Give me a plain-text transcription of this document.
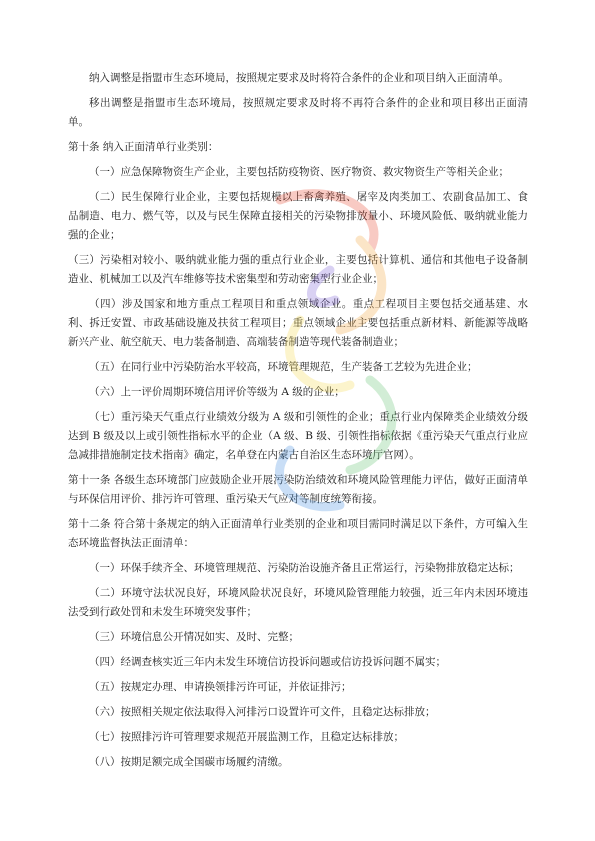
纳入调整是指盟市生态环境局，按照规定要求及时将符合条件的企业和项目纳入正面清单。

移出调整是指盟市生态环境局，按照规定要求及时将不再符合条件的企业和项目移出正面清单。

第十条 纳入正面清单行业类别：

（一）应急保障物资生产企业，主要包括防疫物资、医疗物资、救灾物资生产等相关企业；

（二）民生保障行业企业，主要包括规模以上畜禽养殖、屠宰及肉类加工、农副食品加工、食品制造、电力、燃气等，以及与民生保障直接相关的污染物排放量小、环境风险低、吸纳就业能力强的企业；

（三）污染相对较小、吸纳就业能力强的重点行业企业，主要包括计算机、通信和其他电子设备制造业、机械加工以及汽车维修等技术密集型和劳动密集型行业企业；

（四）涉及国家和地方重点工程项目和重点领域企业。重点工程项目主要包括交通基建、水利、拆迁安置、市政基础设施及扶贫工程项目；重点领域企业主要包括重点新材料、新能源等战略新兴产业、航空航天、电力装备制造、高端装备制造等现代装备制造业；

（五）在同行业中污染防治水平较高，环境管理规范，生产装备工艺较为先进企业；

（六）上一评价周期环境信用评价等级为 A 级的企业；

（七）重污染天气重点行业绩效分级为 A 级和引领性的企业；重点行业内保障类企业绩效分级达到 B 级及以上或引领性指标水平的企业（A 级、B 级、引领性指标依据《重污染天气重点行业应急减排措施制定技术指南》确定，名单登在内蒙古自治区生态环境厅官网）。

第十一条 各级生态环境部门应鼓励企业开展污染防治绩效和环境风险管理能力评估，做好正面清单与环保信用评价、排污许可管理、重污染天气应对等制度统筹衔接。

第十二条 符合第十条规定的纳入正面清单行业类别的企业和项目需同时满足以下条件，方可编入生态环境监督执法正面清单：

（一）环保手续齐全、环境管理规范、污染防治设施齐备且正常运行，污染物排放稳定达标；

（二）环境守法状况良好，环境风险状况良好，环境风险管理能力较强，近三年内未因环境违法受到行政处罚和未发生环境突发事件；

（三）环境信息公开情况如实、及时、完整；

（四）经调查核实近三年内未发生环境信访投诉问题或信访投诉问题不属实；

（五）按规定办理、申请换领排污许可证，并依证排污；

（六）按照相关规定依法取得入河排污口设置许可文件，且稳定达标排放；

（七）按照排污许可管理要求规范开展监测工作，且稳定达标排放；

（八）按期足额完成全国碳市场履约清缴。
